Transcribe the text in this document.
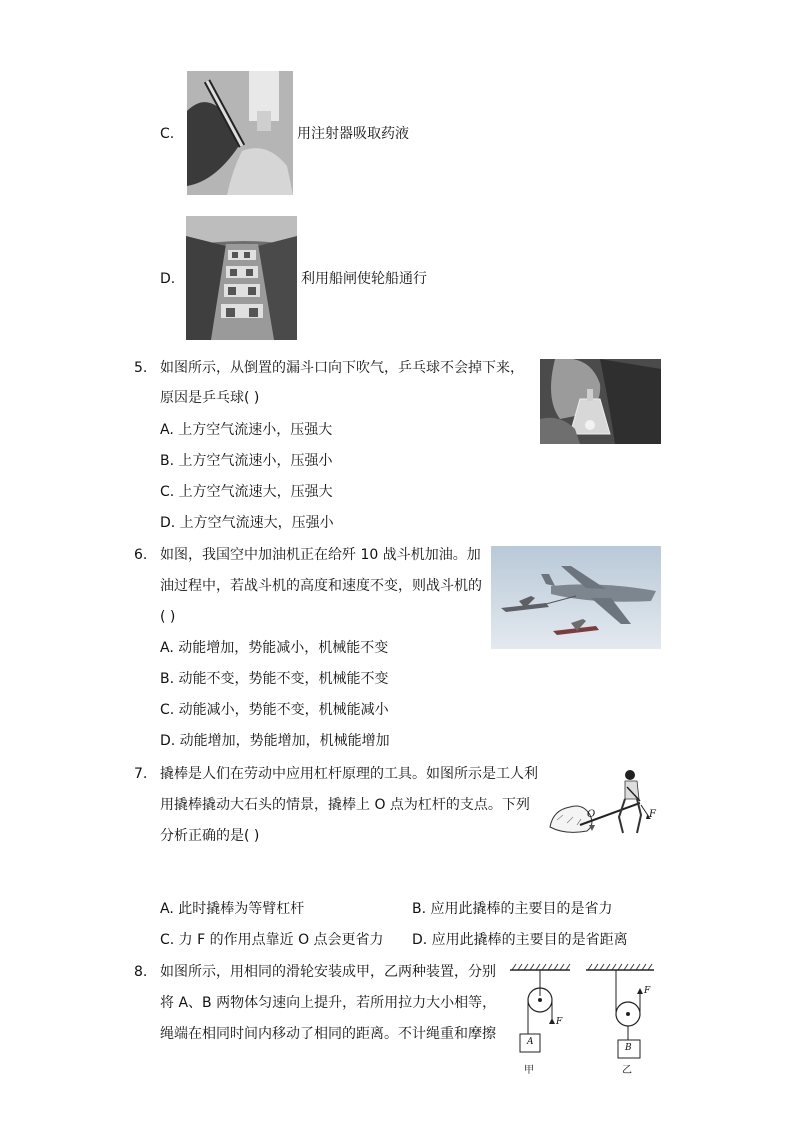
C.	用注射器吸取药液
D.	利用船闸使轮船通行
5. 如图所示，从倒置的漏斗口向下吹气，乒乓球不会掉下来，
原因是乒乓球( )
A. 上方空气流速小，压强大
B. 上方空气流速小，压强小
C. 上方空气流速大，压强大
D. 上方空气流速大，压强小
6. 如图，我国空中加油机正在给歼 10 战斗机加油。加
油过程中，若战斗机的高度和速度不变，则战斗机的
( )
A. 动能增加，势能减小，机械能不变
B. 动能不变，势能不变，机械能不变
C. 动能减小，势能不变，机械能减小
D. 动能增加，势能增加，机械能增加
7. 撬棒是人们在劳动中应用杠杆原理的工具。如图所示是工人利
用撬棒撬动大石头的情景，撬棒上 O 点为杠杆的支点。下列
分析正确的是( )
A. 此时撬棒为等臂杠杆	B. 应用此撬棒的主要目的是省力
C. 力 F 的作用点靠近 O 点会更省力 D. 应用此撬棒的主要目的是省距离
O	F
8. 如图所示，用相同的滑轮安装成甲，乙两种装置，分别
将 A、B 两物体匀速向上提升，若所用拉力大小相等，
绳端在相同时间内移动了相同的距离。不计绳重和摩擦	A
F
B
F
甲	乙
